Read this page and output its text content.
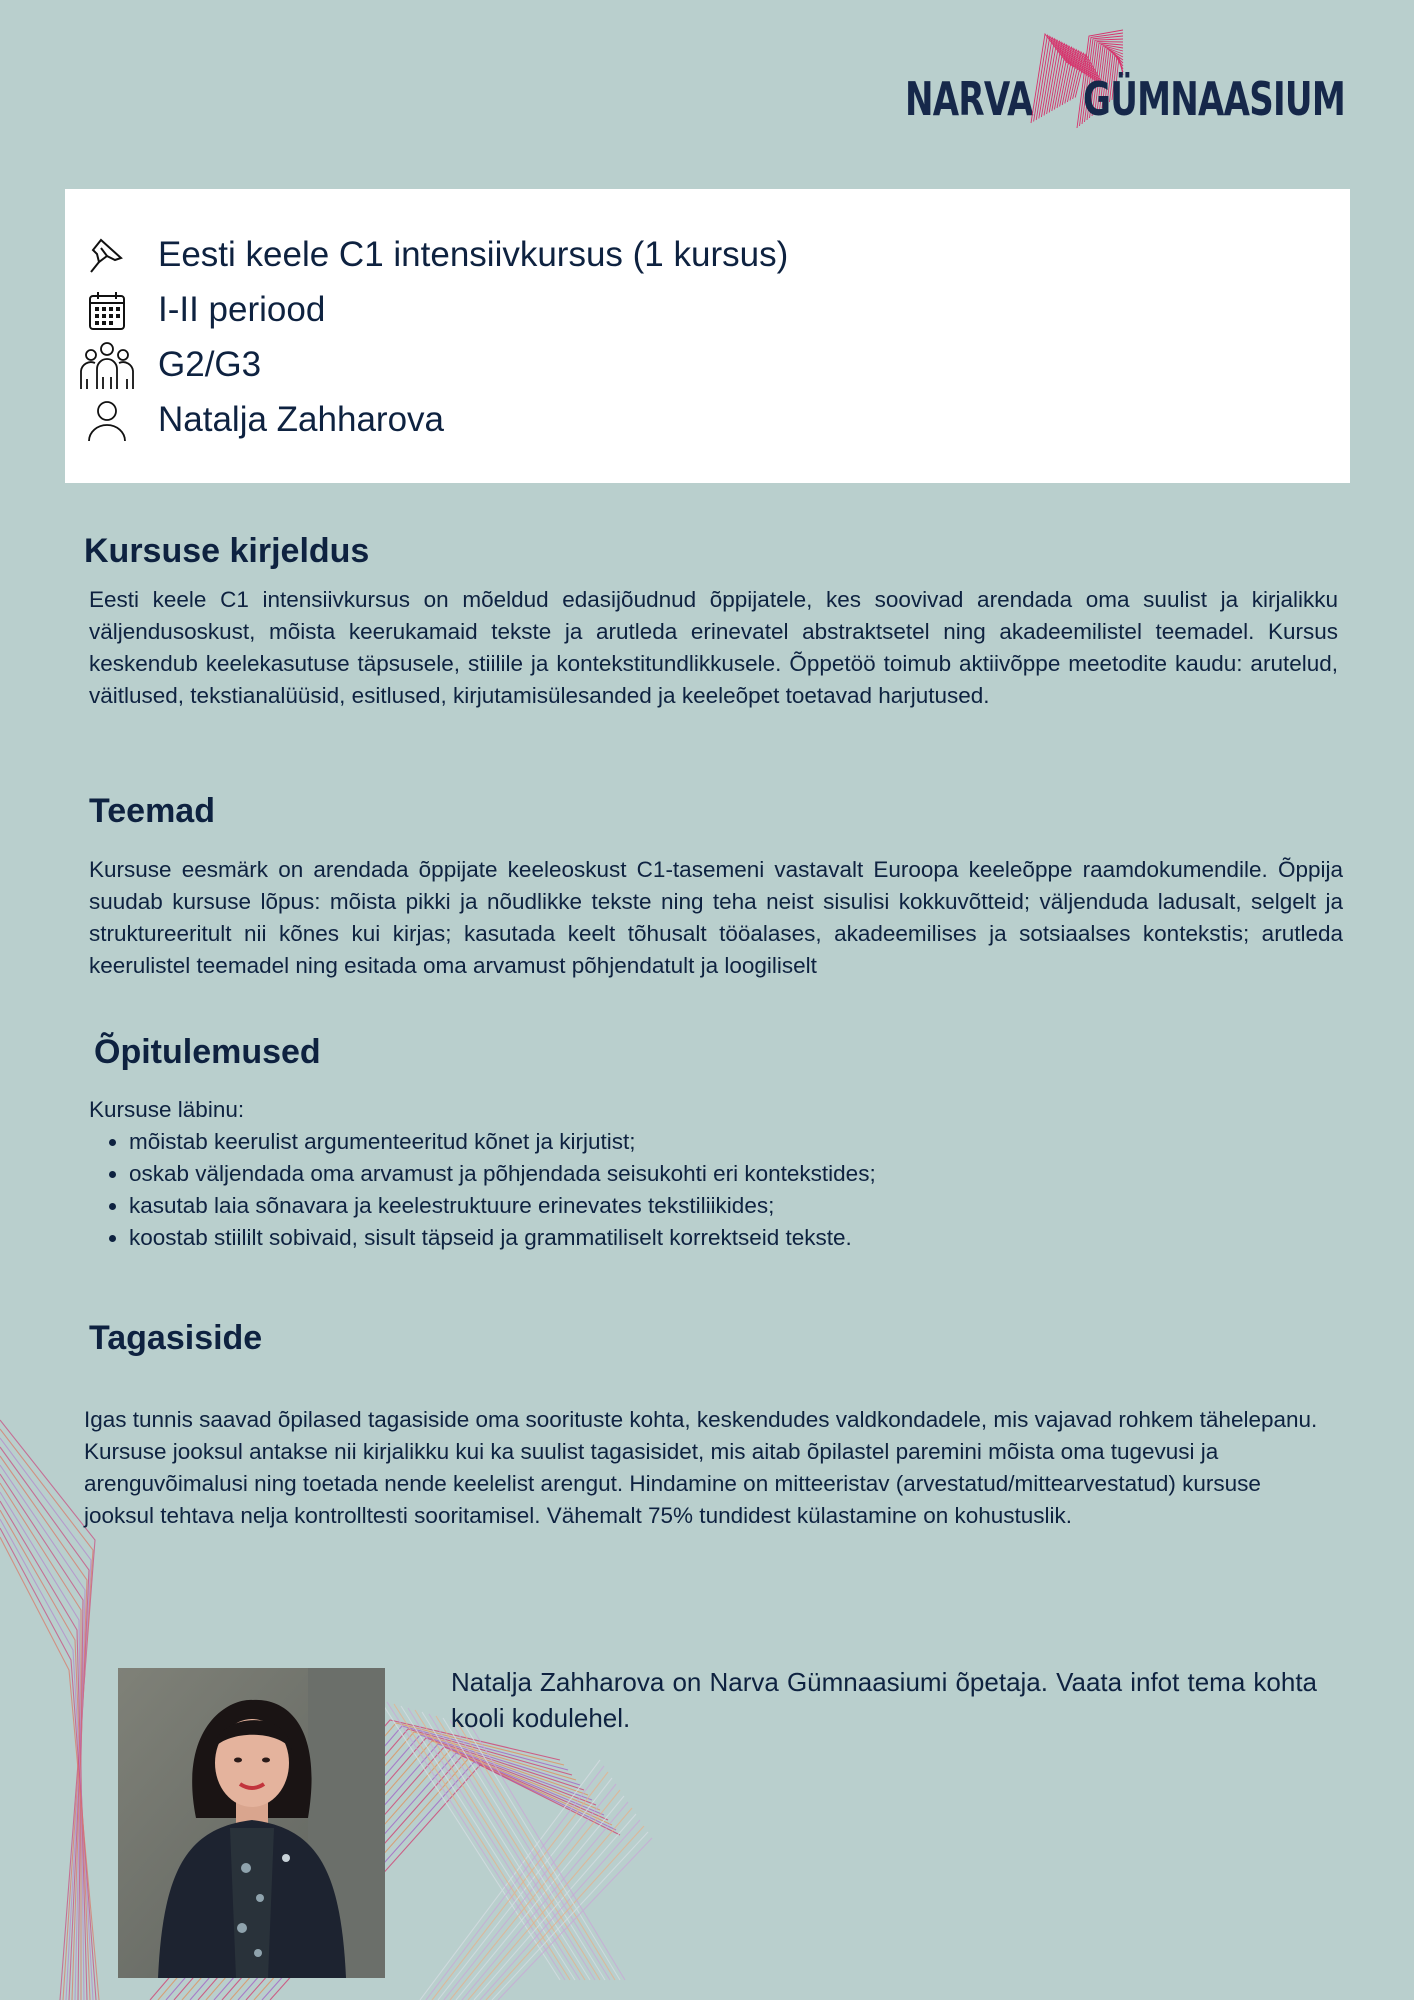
NARVA GÜMNAASIUM
Eesti keele C1 intensiivkursus (1 kursus)
I-II periood
G2/G3
Natalja Zahharova
Kursuse kirjeldus

Eesti keele C1 intensiivkursus on mõeldud edasijõudnud õppijatele, kes soovivad arendada oma suulist ja kirjalikku väljendusoskust, mõista keerukamaid tekste ja arutleda erinevatel abstraktsetel ning akadeemilistel teemadel. Kursus keskendub keelekasutuse täpsusele, stiilile ja kontekstitundlikkusele. Õppetöö toimub aktiivõppe meetodite kaudu: arutelud, väitlused, tekstianalüüsid, esitlused, kirjutamisülesanded ja keeleõpet toetavad harjutused.

Teemad

Kursuse eesmärk on arendada õppijate keeleoskust C1-tasemeni vastavalt Euroopa keeleõppe raamdokumendile. Õppija suudab kursuse lõpus: mõista pikki ja nõudlikke tekste ning teha neist sisulisi kokkuvõtteid; väljenduda ladusalt, selgelt ja struktureeritult nii kõnes kui kirjas; kasutada keelt tõhusalt tööalases, akadeemilises ja sotsiaalses kontekstis; arutleda keerulistel teemadel ning esitada oma arvamust põhjendatult ja loogiliselt

Õpitulemused

Kursuse läbinu:

• mõistab keerulist argumenteeritud kõnet ja kirjutist;
• oskab väljendada oma arvamust ja põhjendada seisukohti eri kontekstides;
• kasutab laia sõnavara ja keelestruktuure erinevates tekstiliikides;
• koostab stiililt sobivaid, sisult täpseid ja grammatiliselt korrektseid tekste.
Tagasiside

Igas tunnis saavad õpilased tagasiside oma soorituste kohta, keskendudes valdkondadele, mis vajavad rohkem tähelepanu. Kursuse jooksul antakse nii kirjalikku kui ka suulist tagasisidet, mis aitab õpilastel paremini mõista oma tugevusi ja arenguvõimalusi ning toetada nende keelelist arengut. Hindamine on mitteeristav (arvestatud/mittearvestatud) kursuse jooksul tehtava nelja kontrolltesti sooritamisel. Vähemalt 75% tundidest külastamine on kohustuslik.

Natalja Zahharova on Narva Gümnaasiumi õpetaja. Vaata infot tema kohta kooli kodulehel.
